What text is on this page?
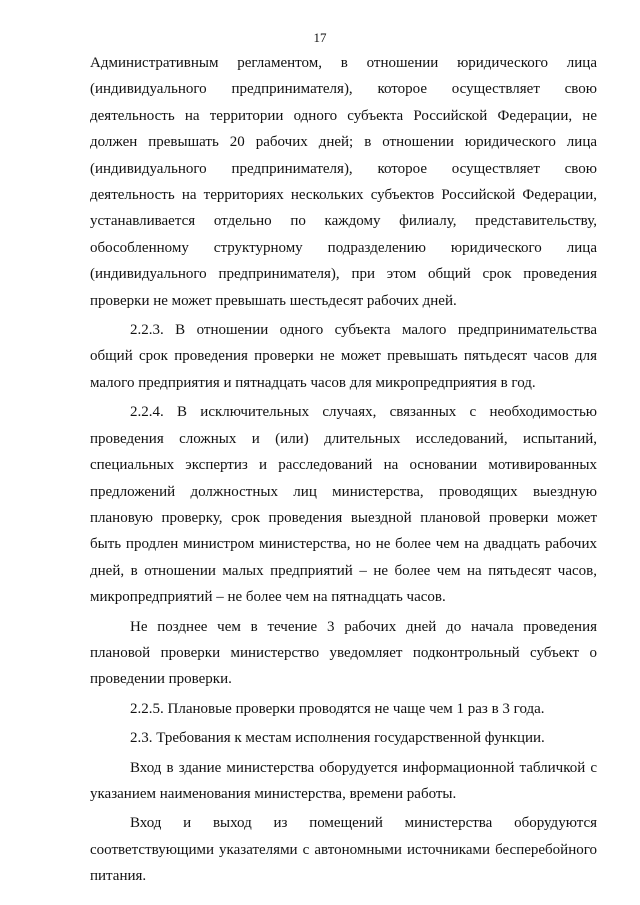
17

Административным регламентом, в отношении юридического лица (индивидуального предпринимателя), которое осуществляет свою деятельность на территории одного субъекта Российской Федерации, не должен превышать 20 рабочих дней; в отношении юридического лица (индивидуального предпринимателя), которое осуществляет свою деятельность на территориях нескольких субъектов Российской Федерации, устанавливается отдельно по каждому филиалу, представительству, обособленному структурному подразделению юридического лица (индивидуального предпринимателя), при этом общий срок проведения проверки не может превышать шестьдесят рабочих дней.

2.2.3. В отношении одного субъекта малого предпринимательства общий срок проведения проверки не может превышать пятьдесят часов для малого предприятия и пятнадцать часов для микропредприятия в год.

2.2.4. В исключительных случаях, связанных с необходимостью проведения сложных и (или) длительных исследований, испытаний, специальных экспертиз и расследований на основании мотивированных предложений должностных лиц министерства, проводящих выездную плановую проверку, срок проведения выездной плановой проверки может быть продлен министром министерства, но не более чем на двадцать рабочих дней, в отношении малых предприятий – не более чем на пятьдесят часов, микропредприятий – не более чем на пятнадцать часов.

Не позднее чем в течение 3 рабочих дней до начала проведения плановой проверки министерство уведомляет подконтрольный субъект о проведении проверки.

2.2.5. Плановые проверки проводятся не чаще чем 1 раз в 3 года.

2.3. Требования к местам исполнения государственной функции.

Вход в здание министерства оборудуется информационной табличкой с указанием наименования министерства, времени работы.

Вход и выход из помещений министерства оборудуются соответствующими указателями с автономными источниками бесперебойного питания.
